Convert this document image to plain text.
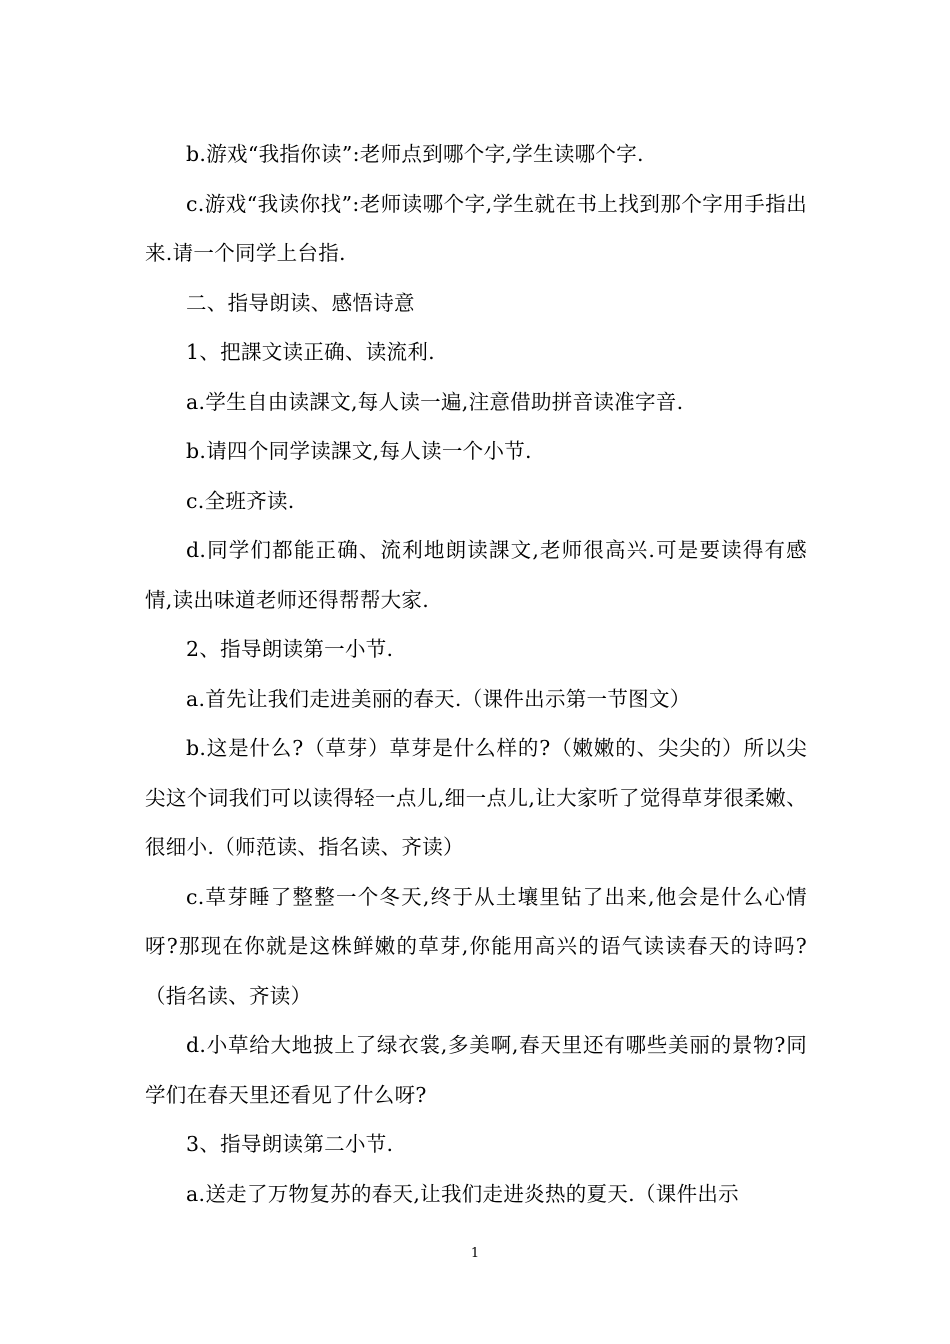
b.游戏“我指你读”:老师点到哪个字,学生读哪个字.

c.游戏“我读你找”:老师读哪个字,学生就在书上找到那个字用手指出来.请一个同学上台指.

二、指导朗读、感悟诗意

1、把課文读正确、读流利.

a.学生自由读課文,每人读一遍,注意借助拼音读准字音.

b.请四个同学读課文,每人读一个小节.

c.全班齐读.

d.同学们都能正确、流利地朗读課文,老师很高兴.可是要读得有感情,读出味道老师还得帮帮大家.

2、指导朗读第一小节.

a.首先让我们走进美丽的春天.（课件出示第一节图文）

b.这是什么?（草芽）草芽是什么样的?（嫩嫩的、尖尖的）所以尖尖这个词我们可以读得轻一点儿,细一点儿,让大家听了觉得草芽很柔嫩、很细小.（师范读、指名读、齐读）

c.草芽睡了整整一个冬天,终于从土壤里钻了出来,他会是什么心情呀?那现在你就是这株鲜嫩的草芽,你能用高兴的语气读读春天的诗吗?（指名读、齐读）

d.小草给大地披上了绿衣裳,多美啊,春天里还有哪些美丽的景物?同学们在春天里还看见了什么呀?

3、指导朗读第二小节.

a.送走了万物复苏的春天,让我们走进炎热的夏天.（课件出示

1
